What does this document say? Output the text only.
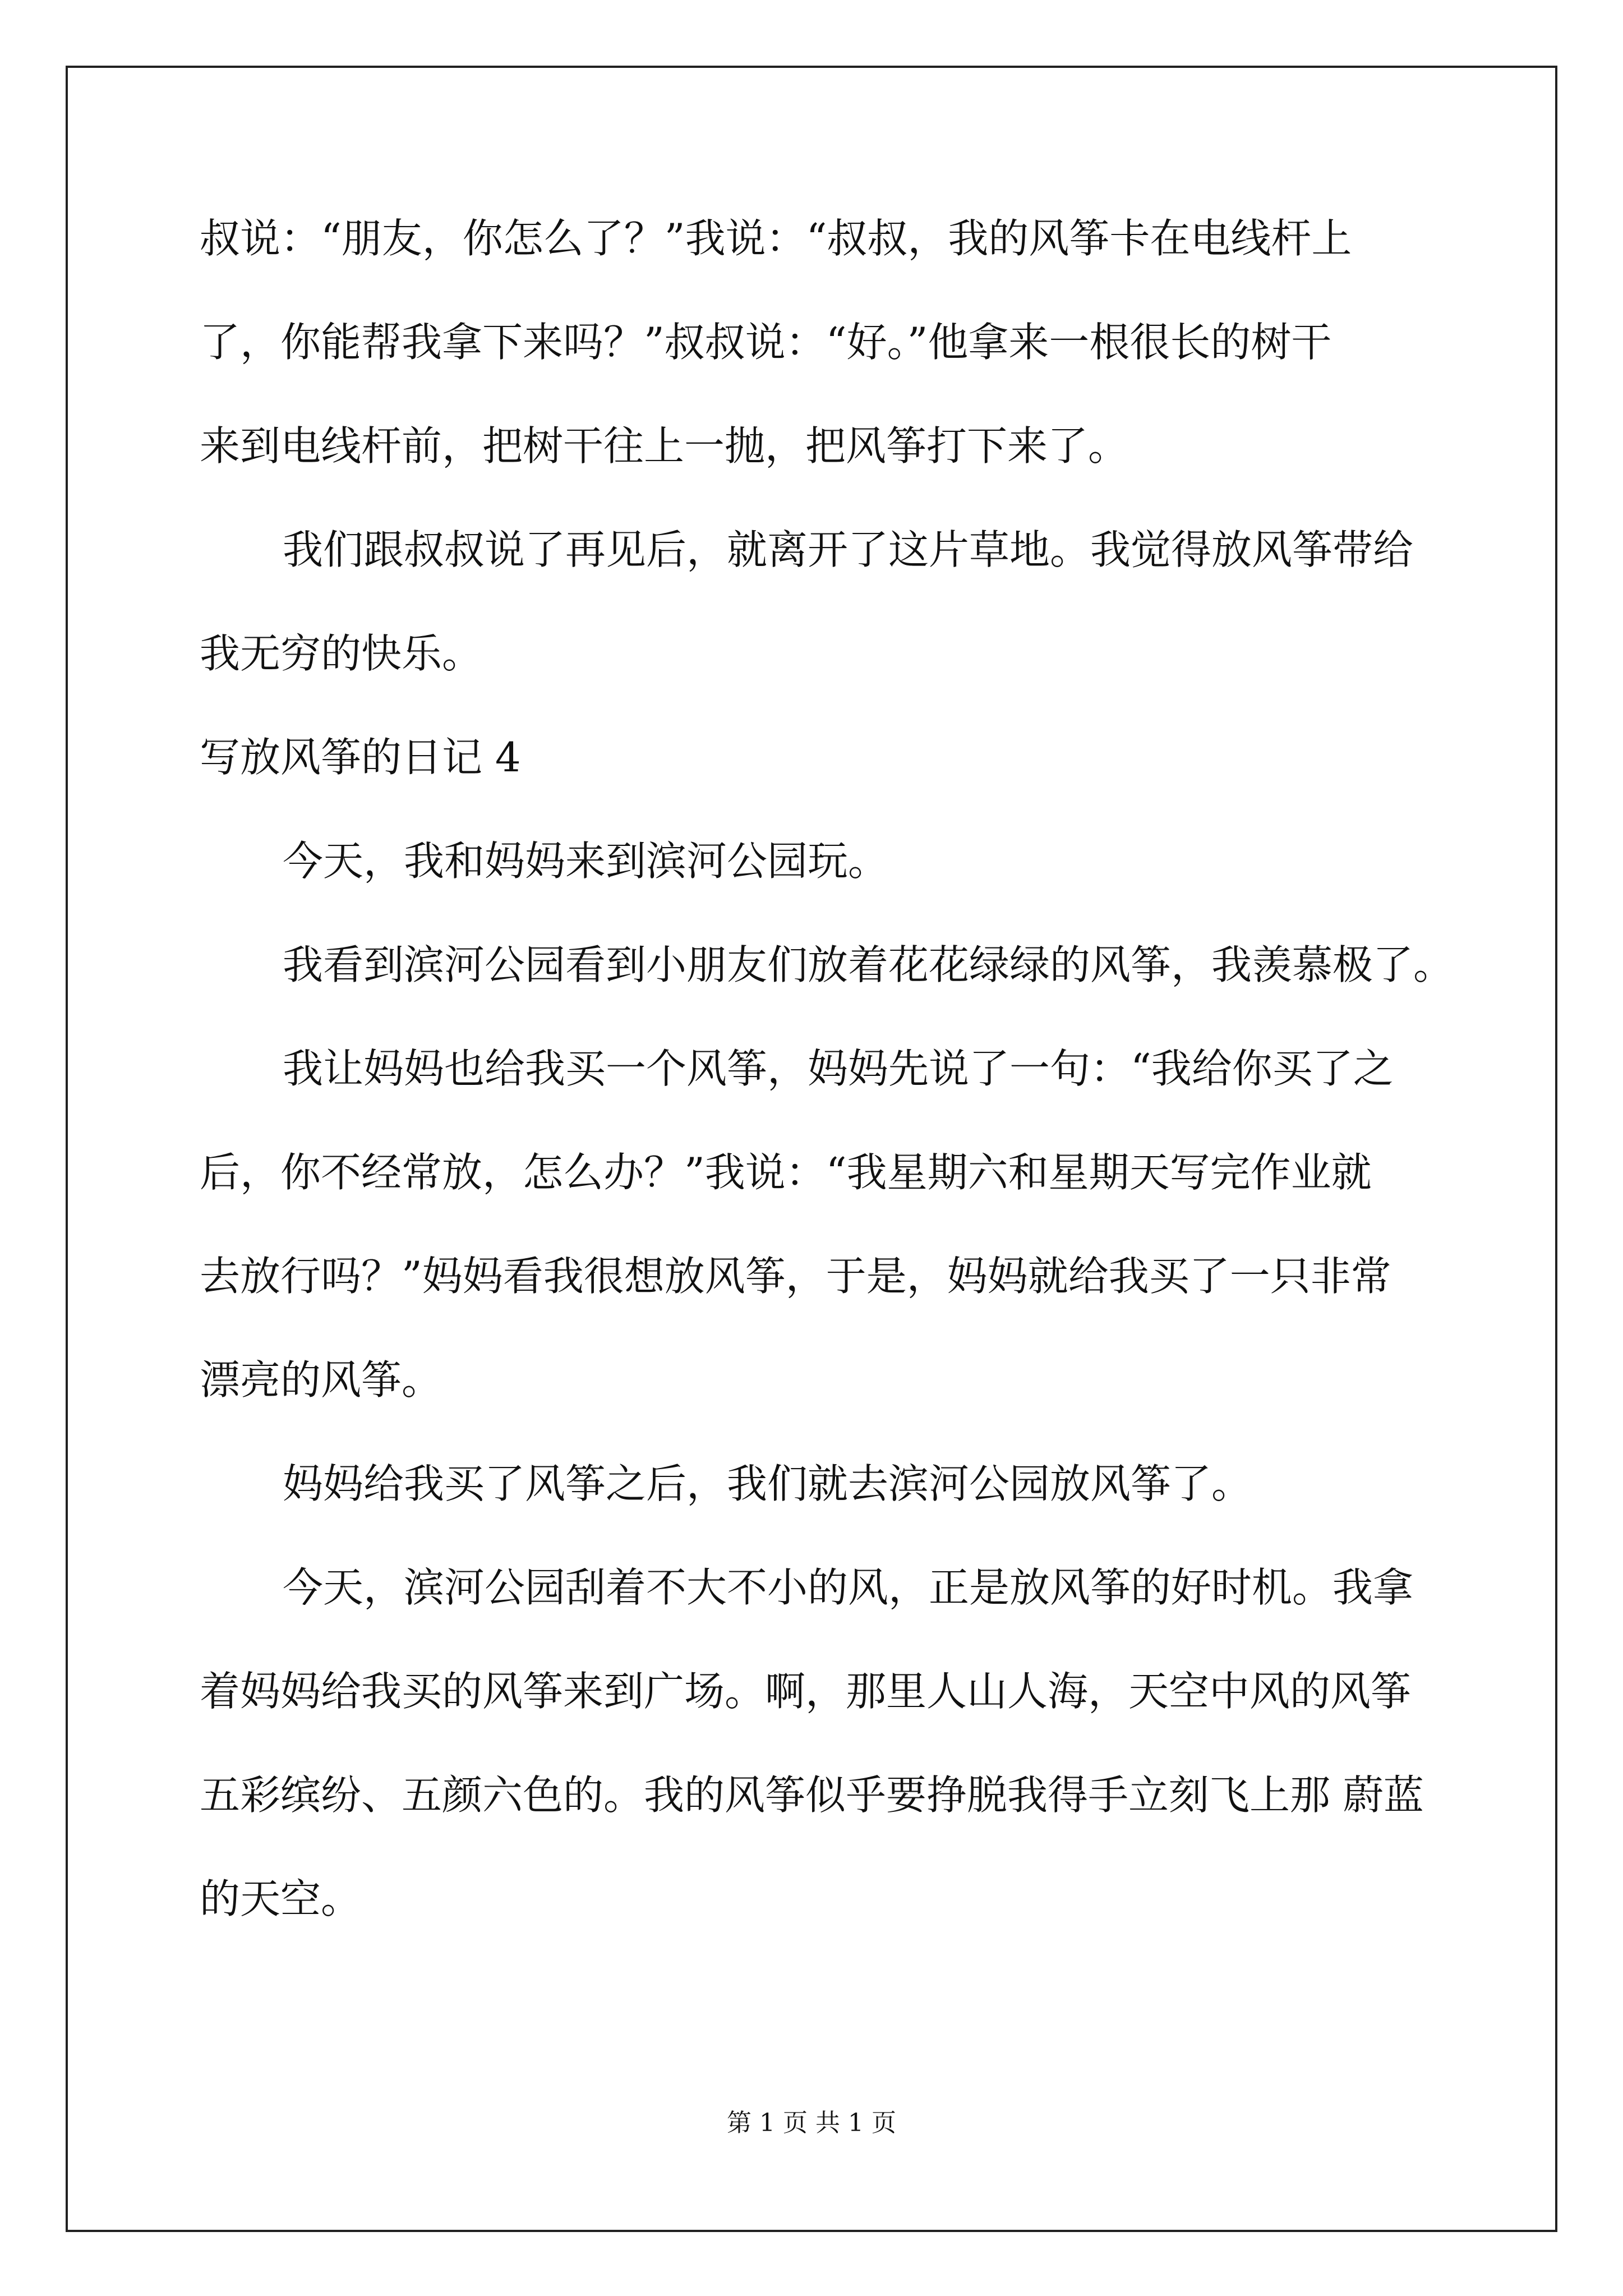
叔说：“朋友，你怎么了？”我说：“叔叔，我的风筝卡在电线杆上
了，你能帮我拿下来吗？”叔叔说：“好。”他拿来一根很长的树干
来到电线杆前，把树干往上一抛，把风筝打下来了。
我们跟叔叔说了再见后，就离开了这片草地。我觉得放风筝带给
我无穷的快乐。
写放风筝的日记 4
今天，我和妈妈来到滨河公园玩。
我看到滨河公园看到小朋友们放着花花绿绿的风筝，我羡慕极了。
我让妈妈也给我买一个风筝，妈妈先说了一句：“我给你买了之
后，你不经常放，怎么办？”我说：“我星期六和星期天写完作业就
去放行吗？”妈妈看我很想放风筝，于是，妈妈就给我买了一只非常
漂亮的风筝。
妈妈给我买了风筝之后，我们就去滨河公园放风筝了。
今天，滨河公园刮着不大不小的风，正是放风筝的好时机。我拿
着妈妈给我买的风筝来到广场。啊，那里人山人海，天空中风的风筝
五彩缤纷、五颜六色的。我的风筝似乎要挣脱我得手立刻飞上那 蔚蓝
的天空。
第 1 页 共 1 页
